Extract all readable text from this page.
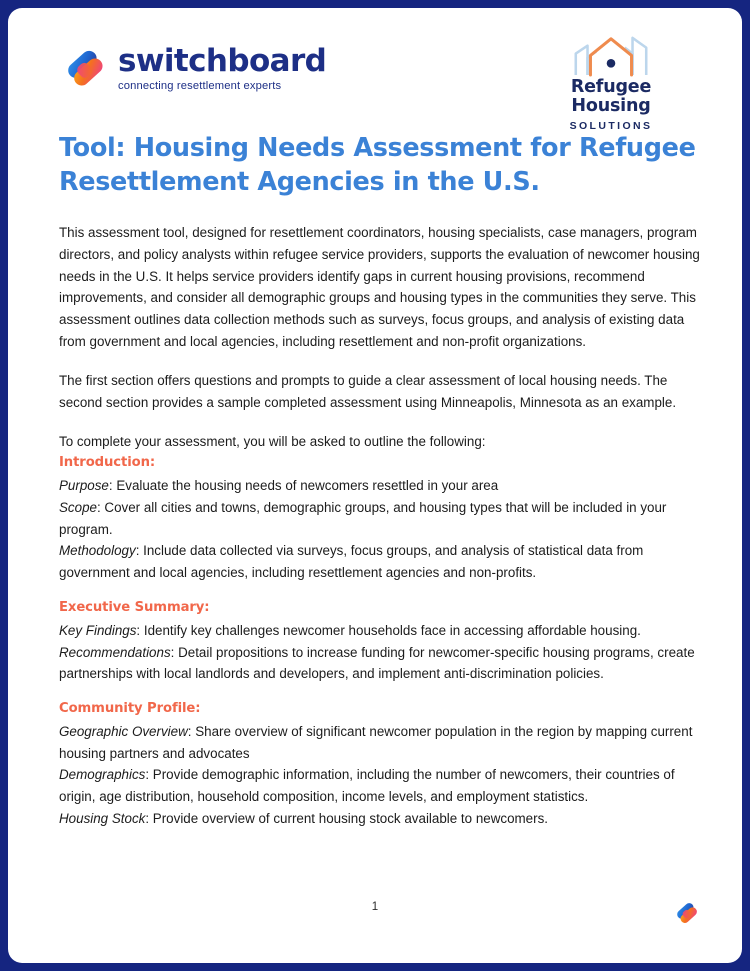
switchboard
connecting resettlement experts	Refugee Housing
SOLUTIONS
Tool: Housing Needs Assessment for Refugee Resettlement Agencies in the U.S.

This assessment tool, designed for resettlement coordinators, housing specialists, case managers, program directors, and policy analysts within refugee service providers, supports the evaluation of newcomer housing needs in the U.S. It helps service providers identify gaps in current housing provisions, recommend improvements, and consider all demographic groups and housing types in the communities they serve. This assessment outlines data collection methods such as surveys, focus groups, and analysis of existing data from government and local agencies, including resettlement and non-profit organizations.

The first section offers questions and prompts to guide a clear assessment of local housing needs. The second section provides a sample completed assessment using Minneapolis, Minnesota as an example.

To complete your assessment, you will be asked to outline the following:

Introduction:

Purpose: Evaluate the housing needs of newcomers resettled in your area

Scope: Cover all cities and towns, demographic groups, and housing types that will be included in your program.

Methodology: Include data collected via surveys, focus groups, and analysis of statistical data from government and local agencies, including resettlement agencies and non-profits.

Executive Summary:

Key Findings: Identify key challenges newcomer households face in accessing affordable housing.

Recommendations: Detail propositions to increase funding for newcomer-specific housing programs, create partnerships with local landlords and developers, and implement anti-discrimination policies.

Community Profile:

Geographic Overview: Share overview of significant newcomer population in the region by mapping current housing partners and advocates

Demographics: Provide demographic information, including the number of newcomers, their countries of origin, age distribution, household composition, income levels, and employment statistics.

Housing Stock: Provide overview of current housing stock available to newcomers.

1
